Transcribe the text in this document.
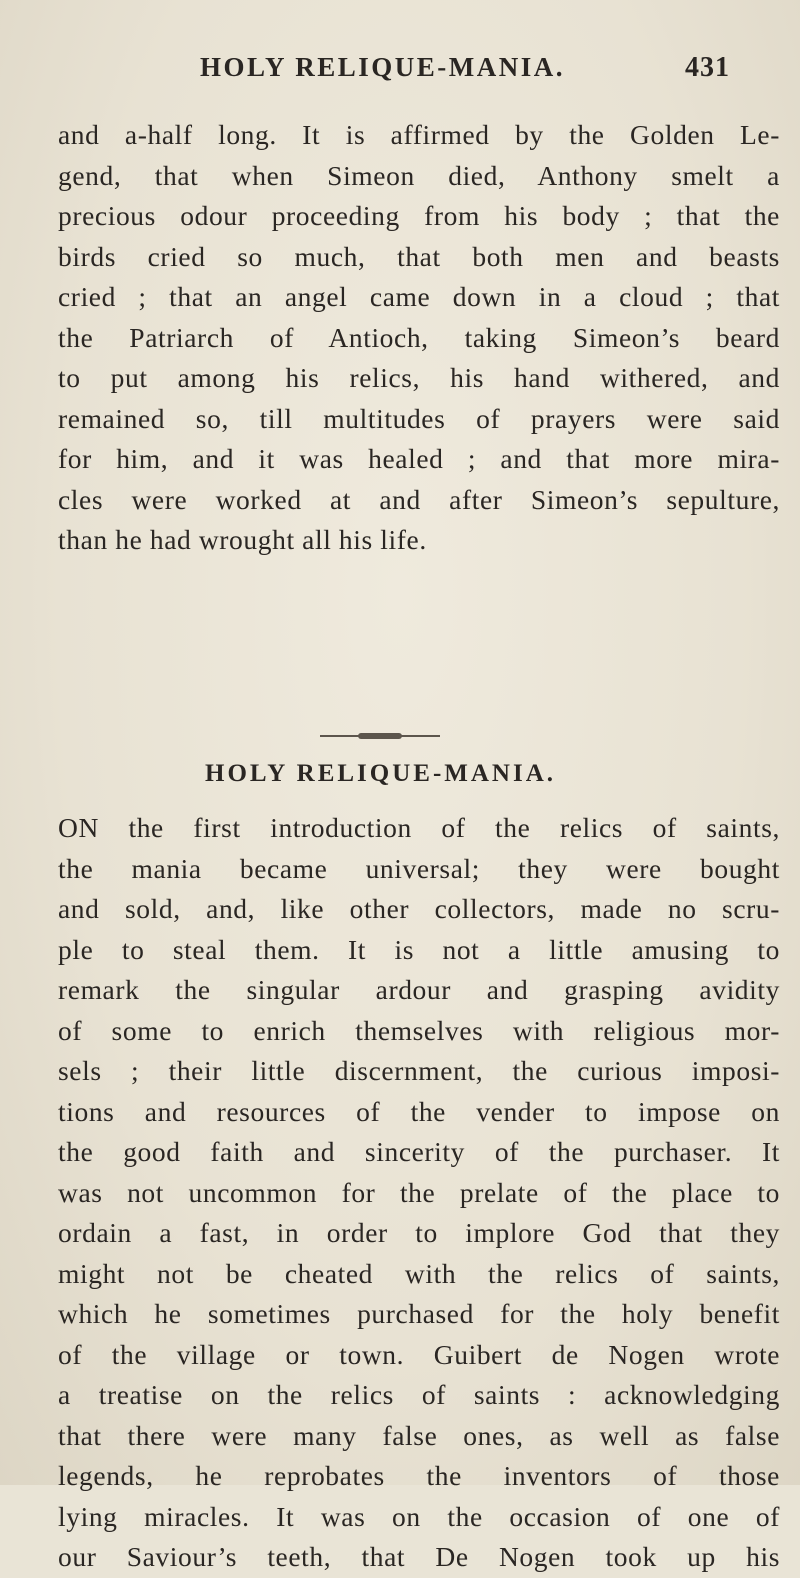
HOLY RELIQUE-MANIA.	431
and a-half long. It is affirmed by the Golden Le-
gend, that when Simeon died, Anthony smelt a
precious odour proceeding from his body ; that the
birds cried so much, that both men and beasts
cried ; that an angel came down in a cloud ; that
the Patriarch of Antioch, taking Simeon’s beard
to put among his relics, his hand withered, and
remained so, till multitudes of prayers were said
for him, and it was healed ; and that more mira-
cles were worked at and after Simeon’s sepulture,
than he had wrought all his life.
HOLY RELIQUE-MANIA.
ON the first introduction of the relics of saints,
the mania became universal; they were bought
and sold, and, like other collectors, made no scru-
ple to steal them. It is not a little amusing to
remark the singular ardour and grasping avidity
of some to enrich themselves with religious mor-
sels ; their little discernment, the curious imposi-
tions and resources of the vender to impose on
the good faith and sincerity of the purchaser. It
was not uncommon for the prelate of the place to
ordain a fast, in order to implore God that they
might not be cheated with the relics of saints,
which he sometimes purchased for the holy benefit
of the village or town. Guibert de Nogen wrote
a treatise on the relics of saints : acknowledging
that there were many false ones, as well as false
legends, he reprobates the inventors of those
lying miracles. It was on the occasion of one of
our Saviour’s teeth, that De Nogen took up his
